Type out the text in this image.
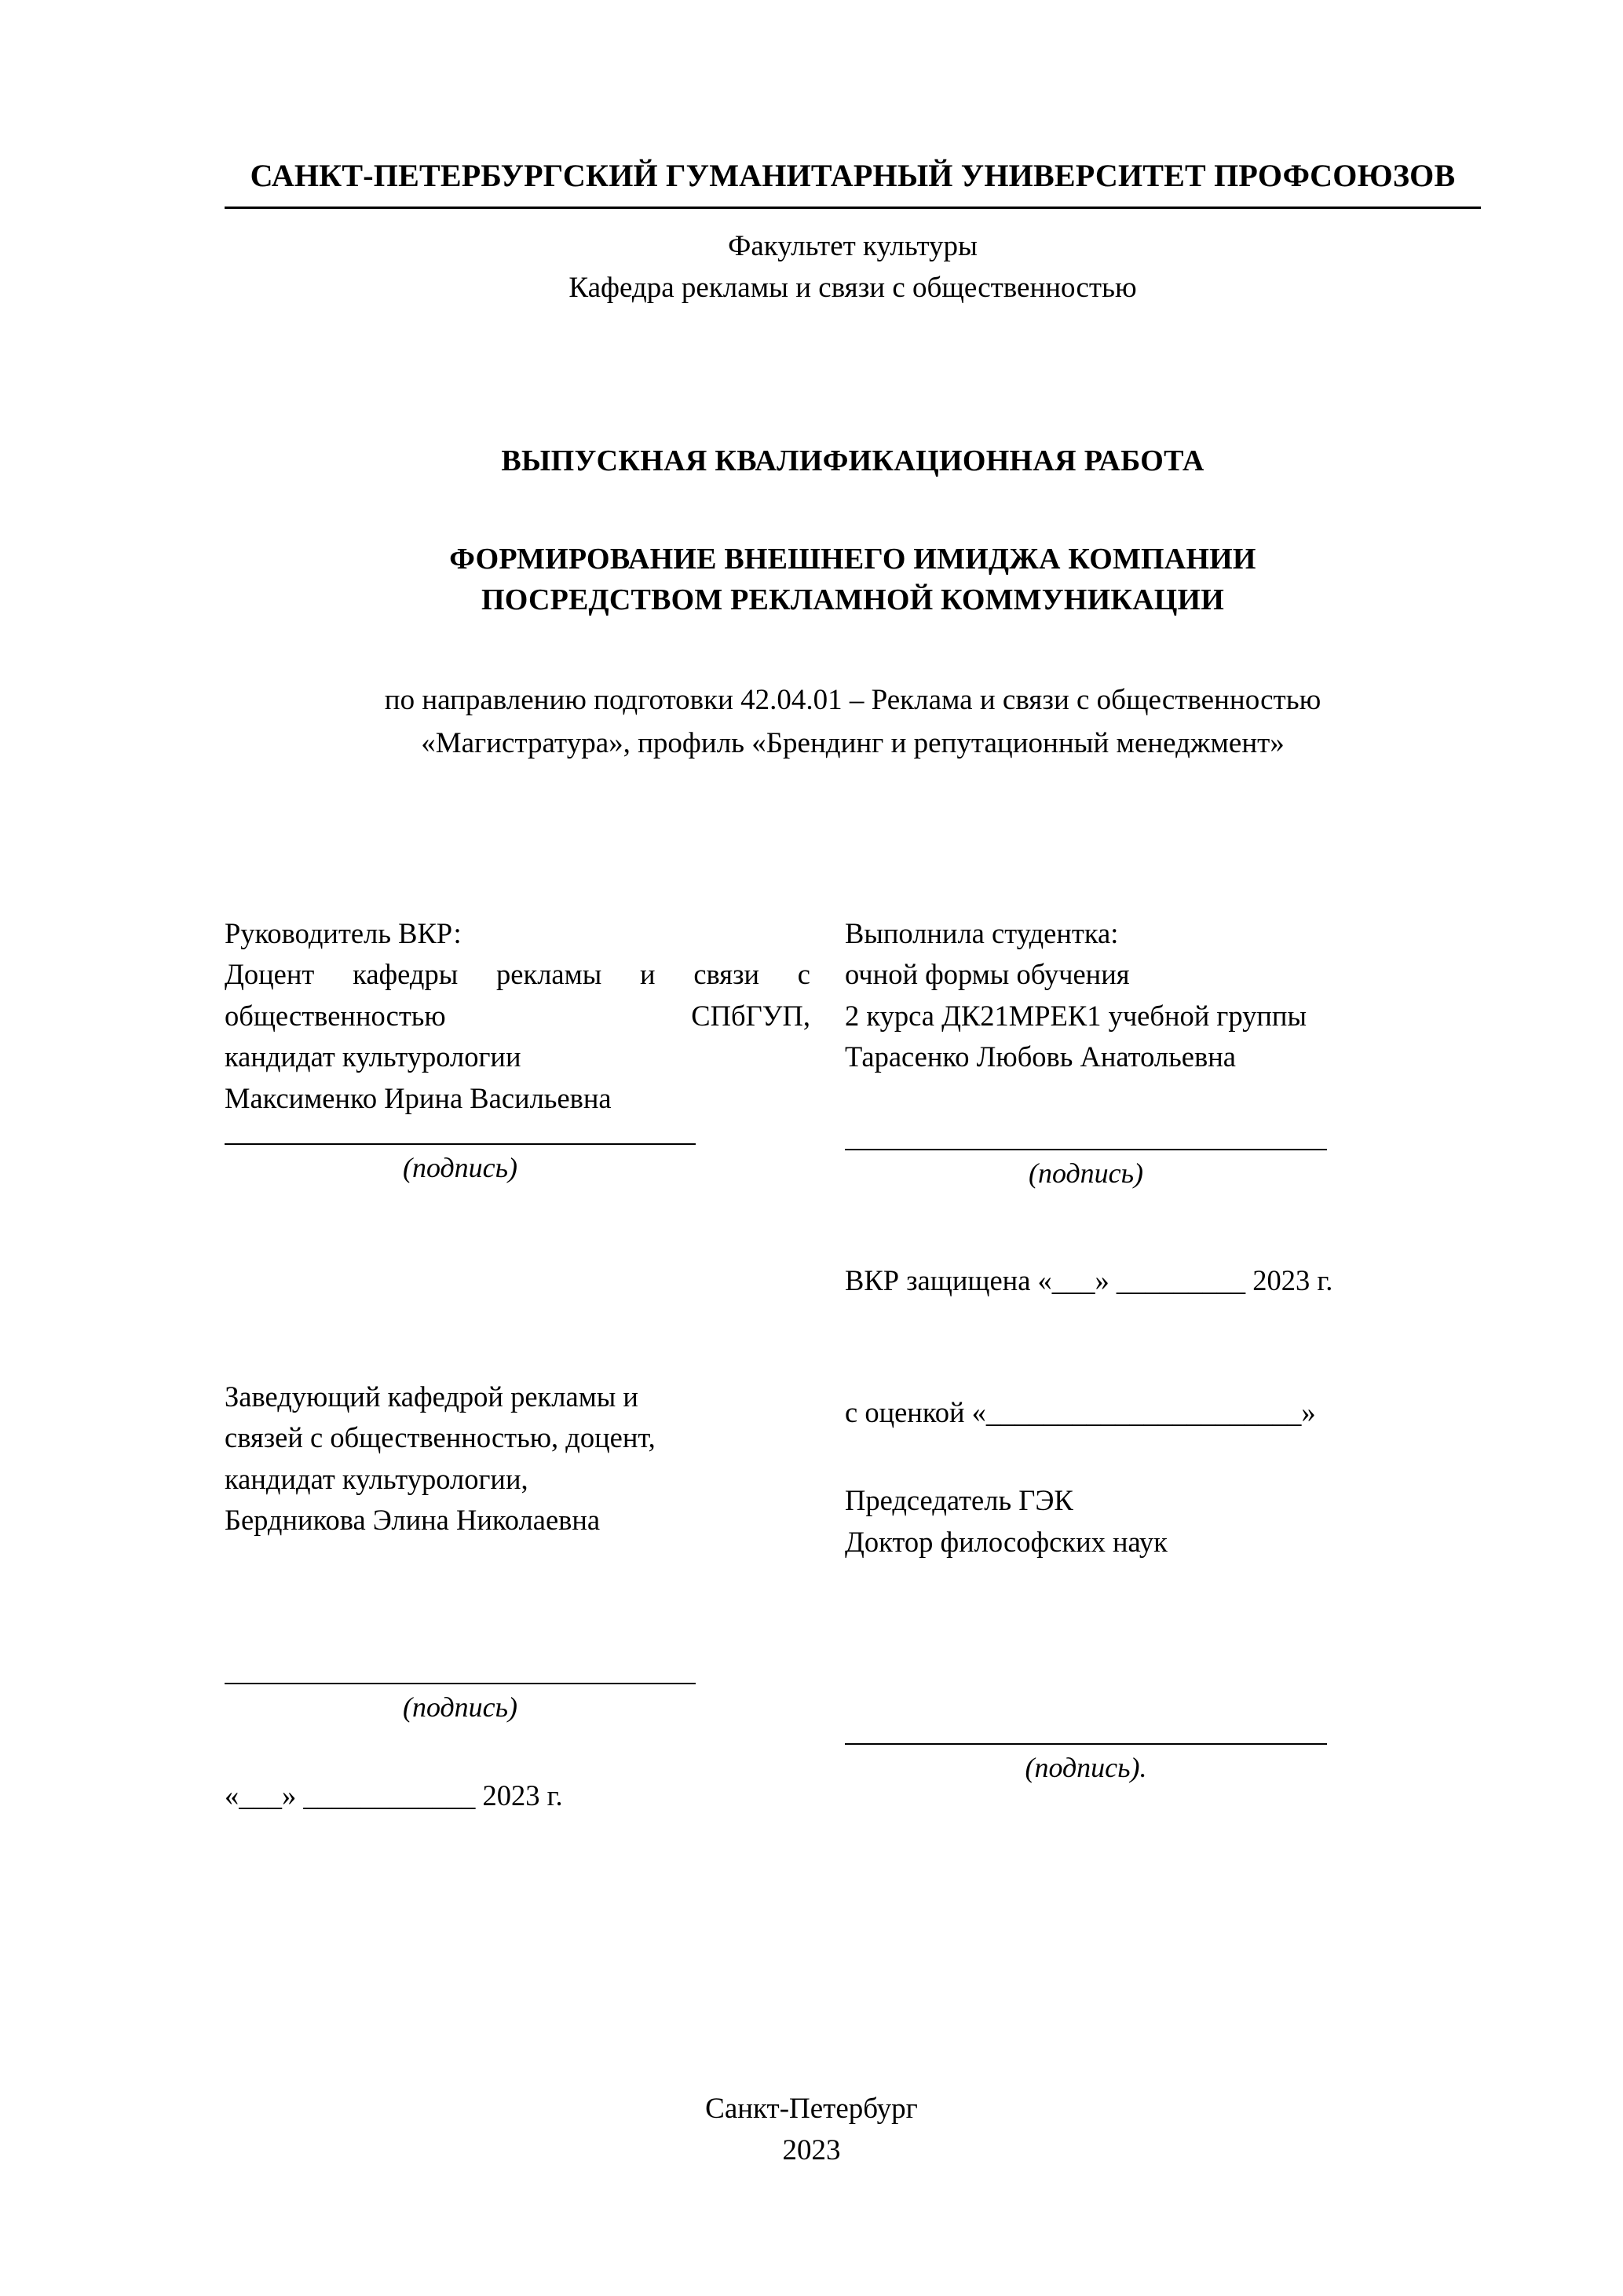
САНКТ-ПЕТЕРБУРГСКИЙ ГУМАНИТАРНЫЙ УНИВЕРСИТЕТ ПРОФСОЮЗОВ
Факультет культуры
Кафедра рекламы и связи с общественностью
ВЫПУСКНАЯ КВАЛИФИКАЦИОННАЯ РАБОТА
ФОРМИРОВАНИЕ ВНЕШНЕГО ИМИДЖА КОМПАНИИ
ПОСРЕДСТВОМ РЕКЛАМНОЙ КОММУНИКАЦИИ
по направлению подготовки 42.04.01 – Реклама и связи с общественностью
«Магистратура», профиль «Брендинг и репутационный менеджмент»
Руководитель ВКР:
Доцент кафедры рекламы и связи с
общественностью СПбГУП,
кандидат культурологии
Максименко Ирина Васильевна
(подпись)
Заведующий кафедрой рекламы и
связей с общественностью, доцент,
кандидат культурологии,
Бердникова Элина Николаевна
(подпись)
«___» ____________ 2023 г.
Выполнила студентка:
очной формы обучения
2 курса ДК21МРЕК1 учебной группы
Тарасенко Любовь Анатольевна
(подпись)
ВКР защищена «___» _________ 2023 г.
с оценкой «______________________»
Председатель ГЭК
Доктор философских наук
(подпись).
Санкт-Петербург
2023
